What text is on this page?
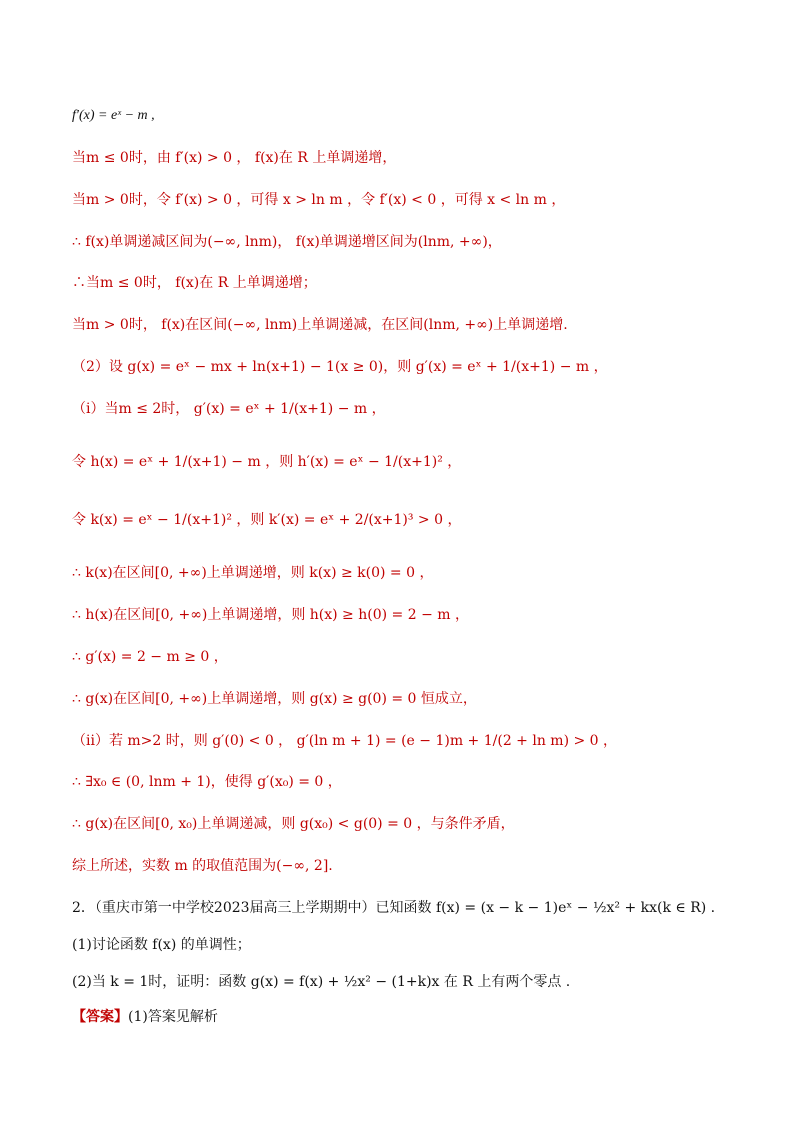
f′(x) = eˣ − m ,
当m ≤ 0时，由 f′(x) > 0 ， f(x)在 R 上单调递增，
当m > 0时，令 f′(x) > 0 ，可得 x > ln m ，令 f′(x) < 0 ，可得 x < ln m ，
∴ f(x)单调递减区间为(−∞, lnm)， f(x)单调递增区间为(lnm, +∞)，
∴当m ≤ 0时， f(x)在 R 上单调递增；
当m > 0时， f(x)在区间(−∞, lnm)上单调递减，在区间(lnm, +∞)上单调递增.
（2）设 g(x) = eˣ − mx + ln(x+1) − 1(x ≥ 0)，则 g′(x) = eˣ + 1/(x+1) − m ，
（i）当m ≤ 2时， g′(x) = eˣ + 1/(x+1) − m ，
令 h(x) = eˣ + 1/(x+1) − m ，则 h′(x) = eˣ − 1/(x+1)² ，
令 k(x) = eˣ − 1/(x+1)² ，则 k′(x) = eˣ + 2/(x+1)³ > 0 ，
∴ k(x)在区间[0, +∞)上单调递增，则 k(x) ≥ k(0) = 0 ，
∴ h(x)在区间[0, +∞)上单调递增，则 h(x) ≥ h(0) = 2 − m ，
∴ g′(x) = 2 − m ≥ 0 ，
∴ g(x)在区间[0, +∞)上单调递增，则 g(x) ≥ g(0) = 0 恒成立，
（ii）若 m>2 时，则 g′(0) < 0 ， g′(ln m + 1) = (e − 1)m + 1/(2 + ln m) > 0 ，
∴ ∃x₀ ∈ (0, lnm + 1)，使得 g′(x₀) = 0 ，
∴ g(x)在区间[0, x₀)上单调递减，则 g(x₀) < g(0) = 0 ，与条件矛盾，
综上所述，实数 m 的取值范围为(−∞, 2].
2．（重庆市第一中学校2023届高三上学期期中）已知函数 f(x) = (x − k − 1)eˣ − ½x² + kx(k ∈ R) .
(1)讨论函数 f(x) 的单调性；
(2)当 k = 1时，证明：函数 g(x) = f(x) + ½x² − (1+k)x 在 R 上有两个零点 .
【答案】(1)答案见解析
